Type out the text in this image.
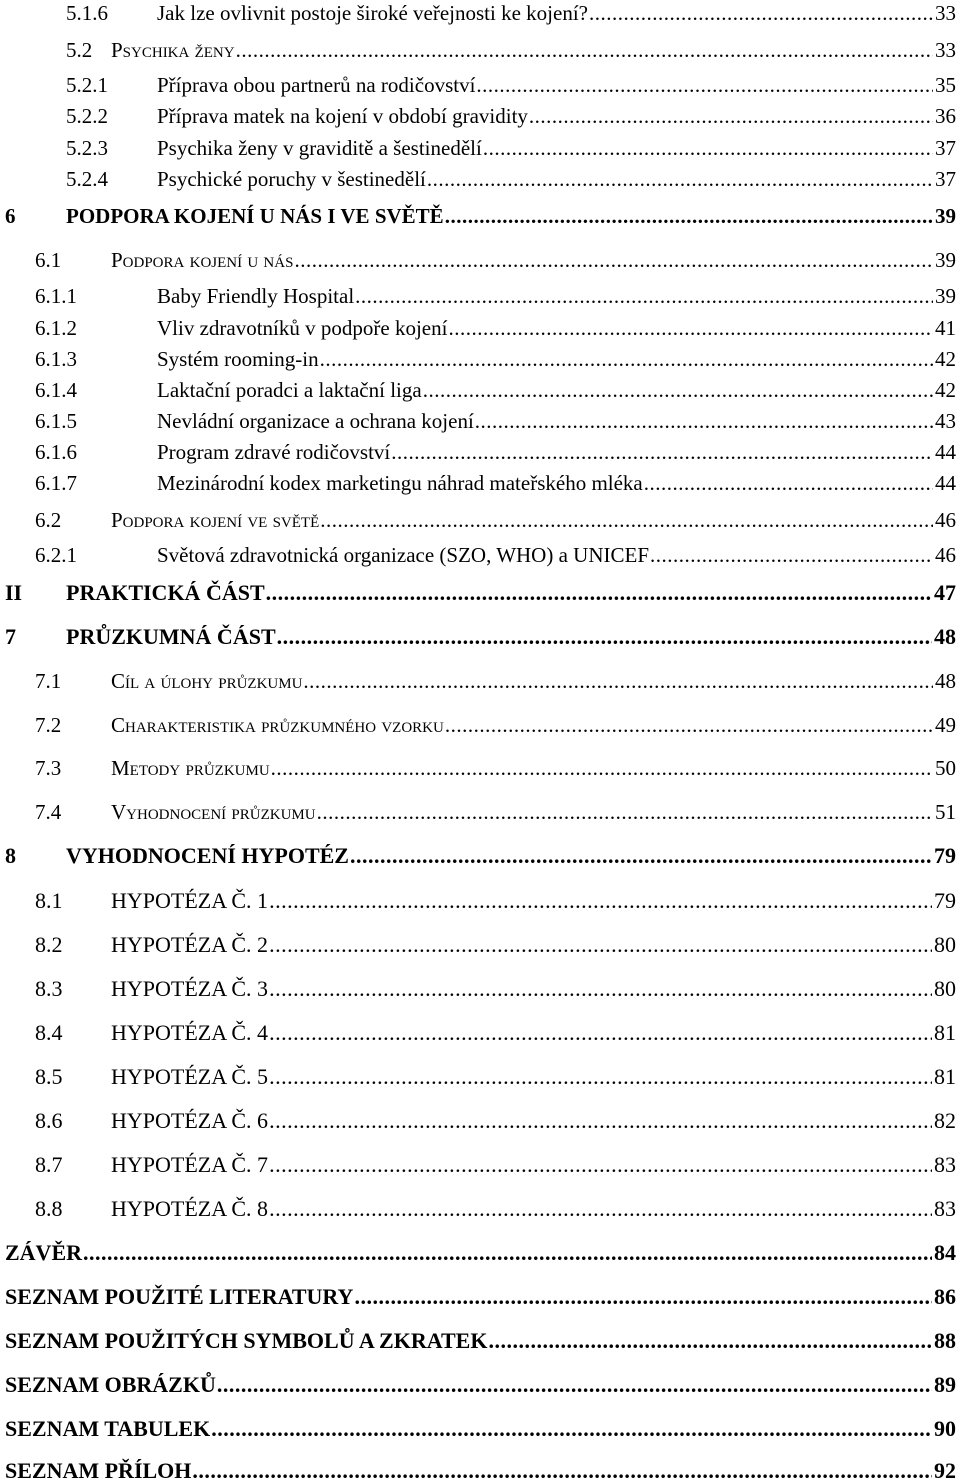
5.1.6 Jak lze ovlivnit postoje široké veřejnosti ke kojení? .....	33
5.2 Psychika ženy .....	33
5.2.1 Příprava obou partnerů na rodičovství .....	35
5.2.2 Příprava matek na kojení v období gravidity .....	36
5.2.3 Psychika ženy v graviditě a šestinedělí .....	37
5.2.4 Psychické poruchy v šestinedělí .....	37
6 PODPORA KOJENÍ U NÁS I VE SVĚTĚ .....	39
6.1 Podpora kojení u nás .....	39
6.1.1	Baby Friendly Hospital .....	39
6.1.2	Vliv zdravotníků v podpoře kojení .....	41
6.1.3	Systém rooming-in .....	42
6.1.4	Laktační poradci a laktační liga .....	42
6.1.5	Nevládní organizace a ochrana kojení .....	43
6.1.6	Program zdravé rodičovství .....	44
6.1.7	Mezinárodní kodex marketingu náhrad mateřského mléka .....	44
6.2 Podpora kojení ve světě .....	46
6.2.1	Světová zdravotnická organizace (SZO, WHO) a UNICEF .....	46
II PRAKTICKÁ ČÁST .....	47
7 PRŮZKUMNÁ ČÁST .....	48
7.1 Cíl a úlohy průzkumu .....	48
7.2 Charakteristika průzkumného vzorku .....	49
7.3 Metody průzkumu .....	50
7.4 Vyhodnocení průzkumu .....	51
8 VYHODNOCENÍ HYPOTÉZ .....	79
8.1 HYPOTÉZA Č. 1 .....	79
8.2 HYPOTÉZA Č. 2 .....	80
8.3 HYPOTÉZA Č. 3 .....	80
8.4 HYPOTÉZA Č. 4 .....	81
8.5 HYPOTÉZA Č. 5 .....	81
8.6 HYPOTÉZA Č. 6 .....	82
8.7 HYPOTÉZA Č. 7 .....	83
8.8 HYPOTÉZA Č. 8 .....	83
ZÁVĚR .....	84
SEZNAM POUŽITÉ LITERATURY .....	86
SEZNAM POUŽITÝCH SYMBOLŮ A ZKRATEK .....	88
SEZNAM OBRÁZKŮ .....	89
SEZNAM TABULEK .....	90
SEZNAM PŘÍLOH .....	92
